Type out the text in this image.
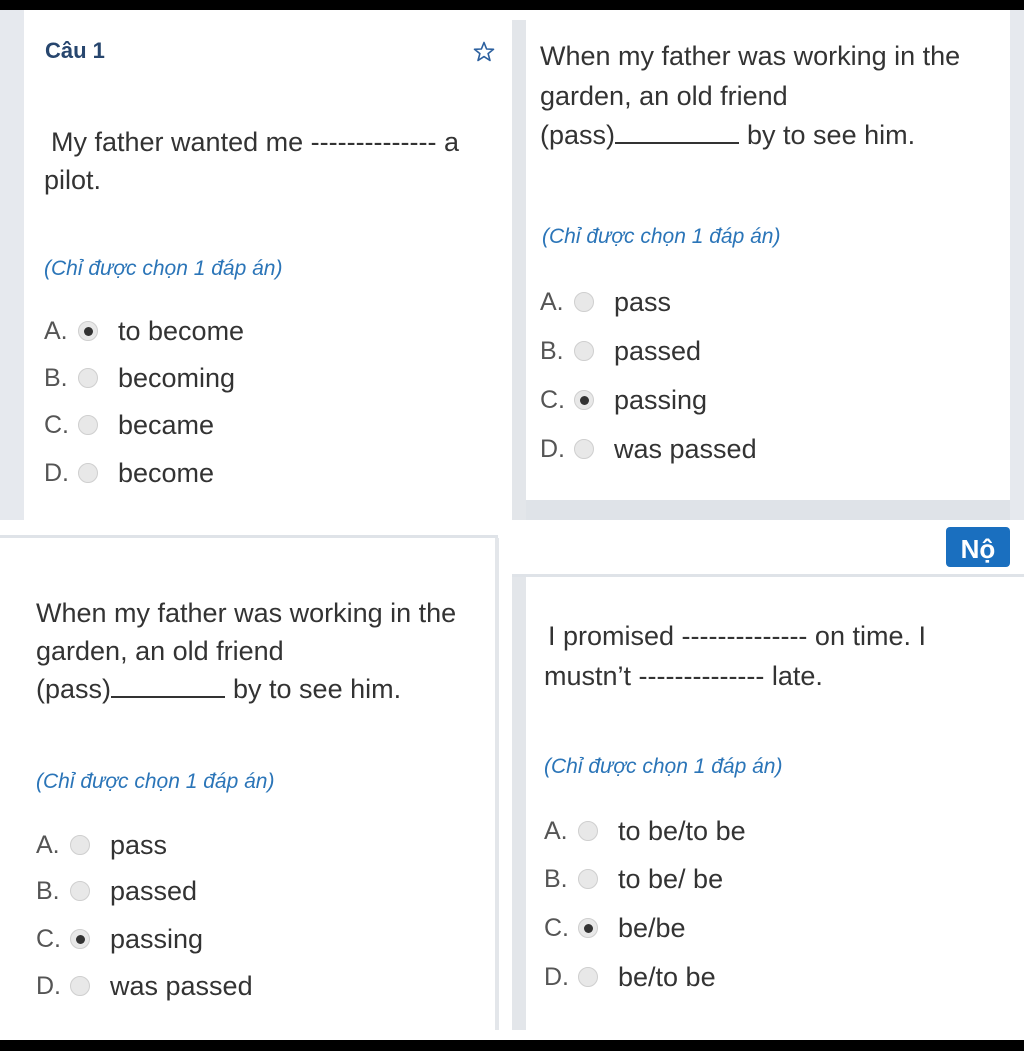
Câu 1
My father wanted me -------------- a
pilot.
(Chỉ được chọn 1 đáp án)
A.	to become
B.	becoming
C.	became
D.	become
When my father was working in the
garden, an old friend
(pass)	by to see him.
(Chỉ được chọn 1 đáp án)
A.	pass
B.	passed
C.	passing
D.	was passed
When my father was working in the
garden, an old friend
(pass)	by to see him.
(Chỉ được chọn 1 đáp án)
A.	pass
B.	passed
C.	passing
D.	was passed
I promised -------------- on time. I
mustn’t -------------- late.
(Chỉ được chọn 1 đáp án)
A.	to be/to be
B.	to be/ be
C.	be/be
D.	be/to be
Nộ
